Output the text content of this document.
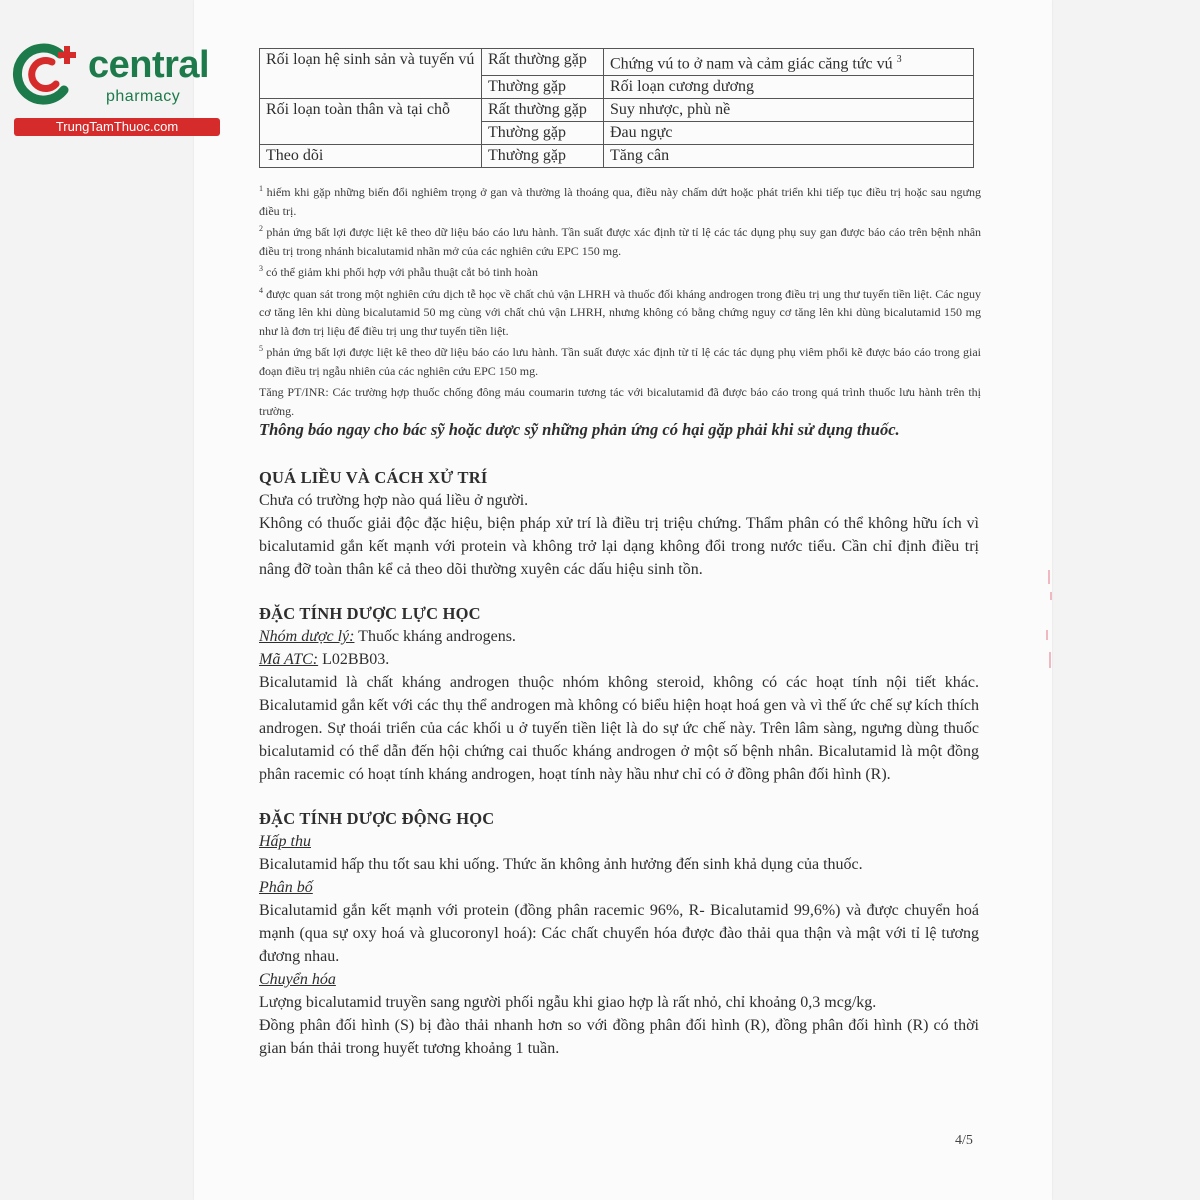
central
pharmacy
TrungTamThuoc.com
Rối loạn hệ sinh sản và tuyến vú	Rất thường gặp	Chứng vú to ở nam và cảm giác căng tức vú $^3$
	Thường gặp	Rối loạn cương dương
Rối loạn toàn thân và tại chỗ	Rất thường gặp	Suy nhược, phù nề
	Thường gặp	Đau ngực
Theo dõi	Thường gặp	Tăng cân

$^1$ hiếm khi gặp những biến đổi nghiêm trọng ở gan và thường là thoáng qua, điều này chấm dứt hoặc phát triển khi tiếp tục điều trị hoặc sau ngưng điều trị.

$^2$ phản ứng bất lợi được liệt kê theo dữ liệu báo cáo lưu hành. Tần suất được xác định từ tỉ lệ các tác dụng phụ suy gan được báo cáo trên bệnh nhân điều trị trong nhánh bicalutamid nhãn mở của các nghiên cứu EPC 150 mg.

$^3$ có thể giảm khi phối hợp với phẫu thuật cắt bỏ tinh hoàn

$^4$ được quan sát trong một nghiên cứu dịch tễ học về chất chủ vận LHRH và thuốc đối kháng androgen trong điều trị ung thư tuyến tiền liệt. Các nguy cơ tăng lên khi dùng bicalutamid 50 mg cùng với chất chủ vận LHRH, nhưng không có bằng chứng nguy cơ tăng lên khi dùng bicalutamid 150 mg như là đơn trị liệu để điều trị ung thư tuyến tiền liệt.

$^5$ phản ứng bất lợi được liệt kê theo dữ liệu báo cáo lưu hành. Tần suất được xác định từ tỉ lệ các tác dụng phụ viêm phổi kẽ được báo cáo trong giai đoạn điều trị ngẫu nhiên của các nghiên cứu EPC 150 mg.

Tăng PT/INR: Các trường hợp thuốc chống đông máu coumarin tương tác với bicalutamid đã được báo cáo trong quá trình thuốc lưu hành trên thị trường.

Thông báo ngay cho bác sỹ hoặc dược sỹ những phản ứng có hại gặp phải khi sử dụng thuốc.
QUÁ LIỀU VÀ CÁCH XỬ TRÍ

Chưa có trường hợp nào quá liều ở người.

Không có thuốc giải độc đặc hiệu, biện pháp xử trí là điều trị triệu chứng. Thẩm phân có thể không hữu ích vì bicalutamid gắn kết mạnh với protein và không trở lại dạng không đổi trong nước tiểu. Cần chỉ định điều trị nâng đỡ toàn thân kể cả theo dõi thường xuyên các dấu hiệu sinh tồn.

ĐẶC TÍNH DƯỢC LỰC HỌC

Nhóm dược lý: Thuốc kháng androgens.

Mã ATC: L02BB03.

Bicalutamid là chất kháng androgen thuộc nhóm không steroid, không có các hoạt tính nội tiết khác. Bicalutamid gắn kết với các thụ thể androgen mà không có biểu hiện hoạt hoá gen và vì thế ức chế sự kích thích androgen. Sự thoái triển của các khối u ở tuyến tiền liệt là do sự ức chế này. Trên lâm sàng, ngưng dùng thuốc bicalutamid có thể dẫn đến hội chứng cai thuốc kháng androgen ở một số bệnh nhân. Bicalutamid là một đồng phân racemic có hoạt tính kháng androgen, hoạt tính này hầu như chỉ có ở đồng phân đối hình (R).

ĐẶC TÍNH DƯỢC ĐỘNG HỌC

Hấp thu

Bicalutamid hấp thu tốt sau khi uống. Thức ăn không ảnh hưởng đến sinh khả dụng của thuốc.

Phân bố

Bicalutamid gắn kết mạnh với protein (đồng phân racemic 96%, R- Bicalutamid 99,6%) và được chuyển hoá mạnh (qua sự oxy hoá và glucoronyl hoá): Các chất chuyển hóa được đào thải qua thận và mật với tỉ lệ tương đương nhau.

Chuyển hóa

Lượng bicalutamid truyền sang người phối ngẫu khi giao hợp là rất nhỏ, chỉ khoảng 0,3 mcg/kg.

Đồng phân đối hình (S) bị đào thải nhanh hơn so với đồng phân đối hình (R), đồng phân đối hình (R) có thời gian bán thải trong huyết tương khoảng 1 tuần.

4/5
